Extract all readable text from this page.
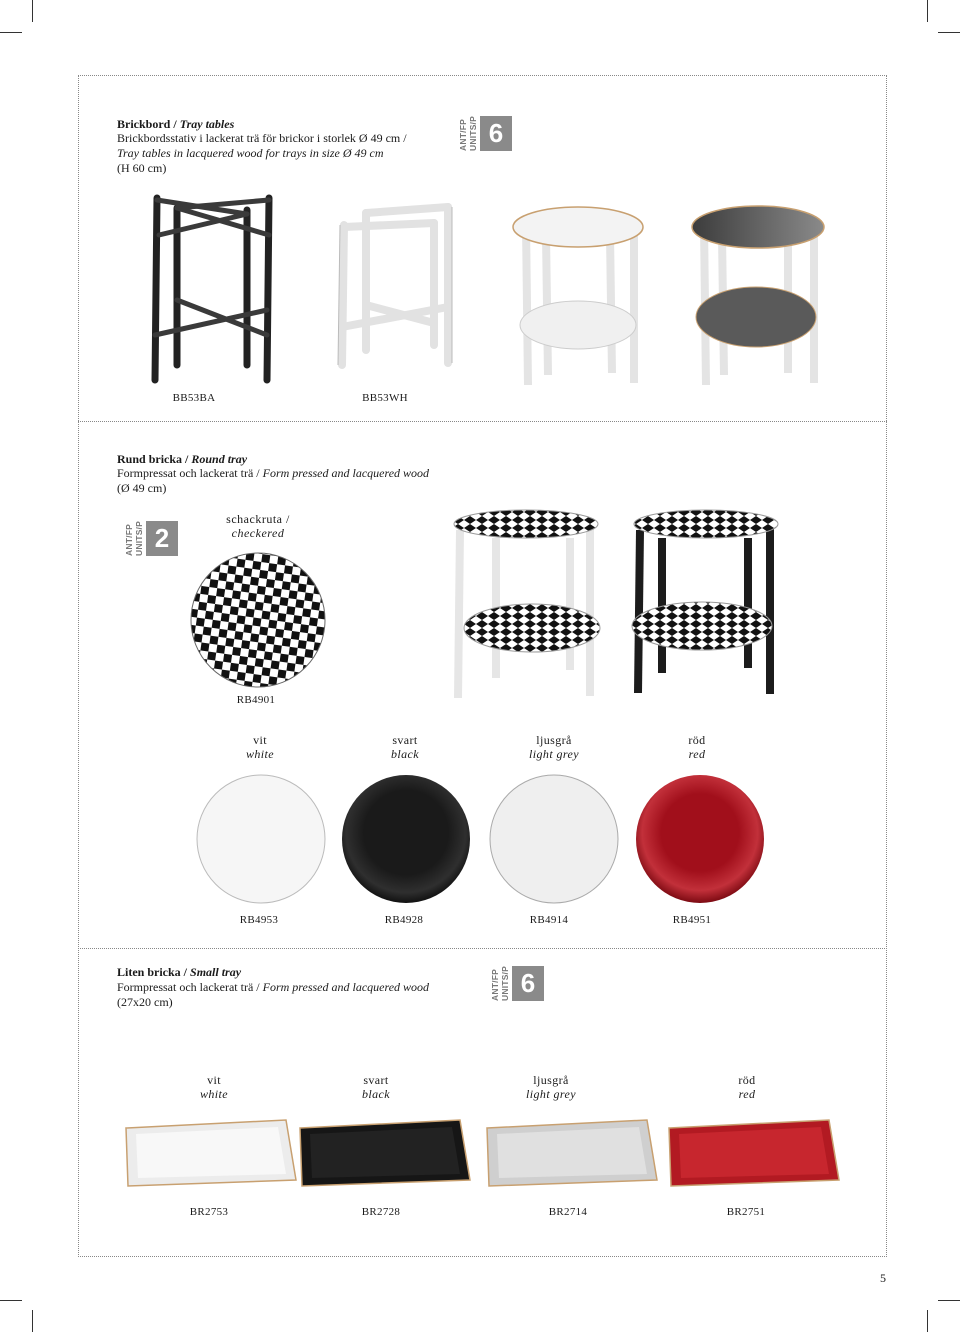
Brickbord / Tray tables
Brickbordsstativ i lackerat trä för brickor i storlek Ø 49 cm /
Tray tables in lacquered wood for trays in size Ø 49 cm
(H 60 cm)
ANT/FP
UNITS/P 6
BB53BA	BB53WH
Rund bricka / Round tray
Formpressat och lackerat trä / Form pressed and lacquered wood
(Ø 49 cm)
ANT/FP
UNITS/P 2
schackruta /
checkered
RB4901
vit
white
svart
black
ljusgrå
light grey
röd
red
RB4953	RB4928	RB4914	RB4951
Liten bricka / Small tray
Formpressat och lackerat trä / Form pressed and lacquered wood
(27x20 cm)
ANT/FP
UNITS/P 6
vit
white
svart
black
ljusgrå
light grey
röd
red
BR2753	BR2728	BR2714	BR2751
5
